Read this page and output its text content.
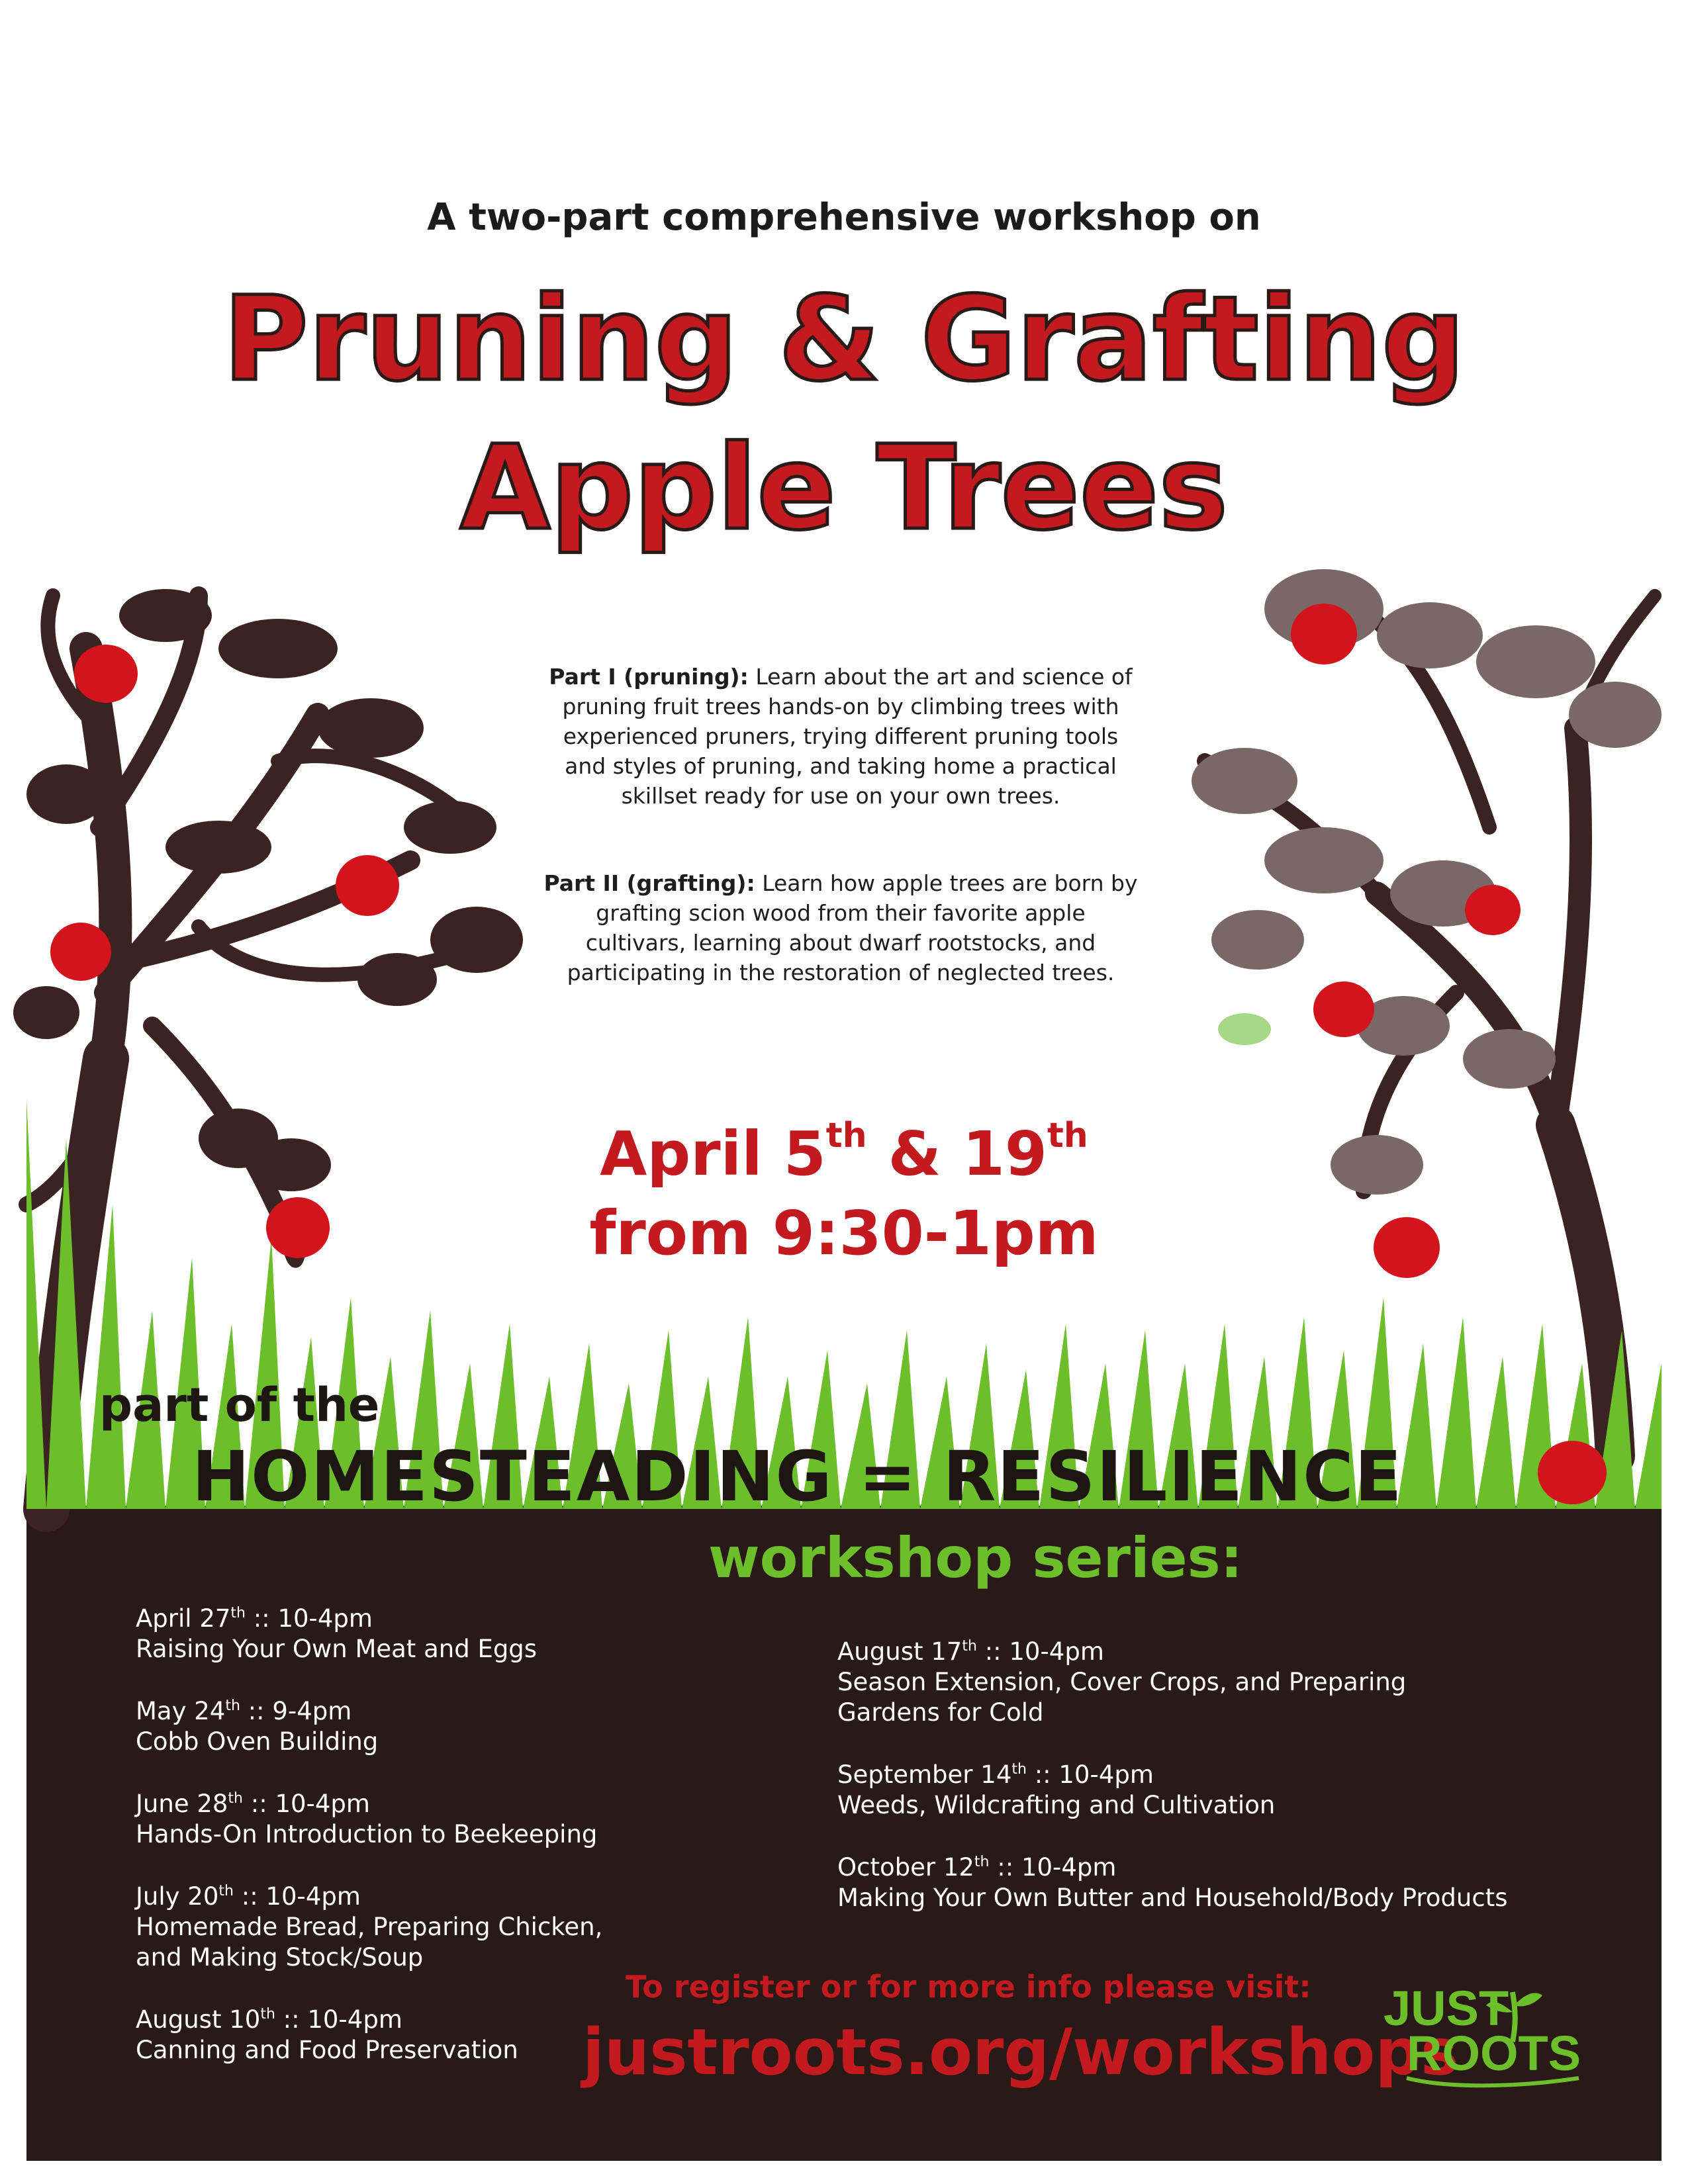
A two-part comprehensive workshop on
Pruning & Grafting
Apple Trees
Part I (pruning): Learn about the art and science of pruning fruit trees hands-on by climbing trees with experienced pruners, trying different pruning tools and styles of pruning, and taking home a practical skillset ready for use on your own trees.
Part II (grafting): Learn how apple trees are born by grafting scion wood from their favorite apple cultivars, learning about dwarf rootstocks, and participating in the restoration of neglected trees.
April 5th & 19th
from 9:30-1pm
part of the
HOMESTEADING = RESILIENCE
workshop series:
April 27th :: 10-4pm
Raising Your Own Meat and Eggs
May 24th :: 9-4pm
Cobb Oven Building
June 28th :: 10-4pm
Hands-On Introduction to Beekeeping
July 20th :: 10-4pm
Homemade Bread, Preparing Chicken,
and Making Stock/Soup
August 10th :: 10-4pm
Canning and Food Preservation
August 17th :: 10-4pm
Season Extension, Cover Crops, and Preparing
Gardens for Cold
September 14th :: 10-4pm
Weeds, Wildcrafting and Cultivation
October 12th :: 10-4pm
Making Your Own Butter and Household/Body Products
To register or for more info please visit:
justroots.org/workshops
JUST
ROOTS
